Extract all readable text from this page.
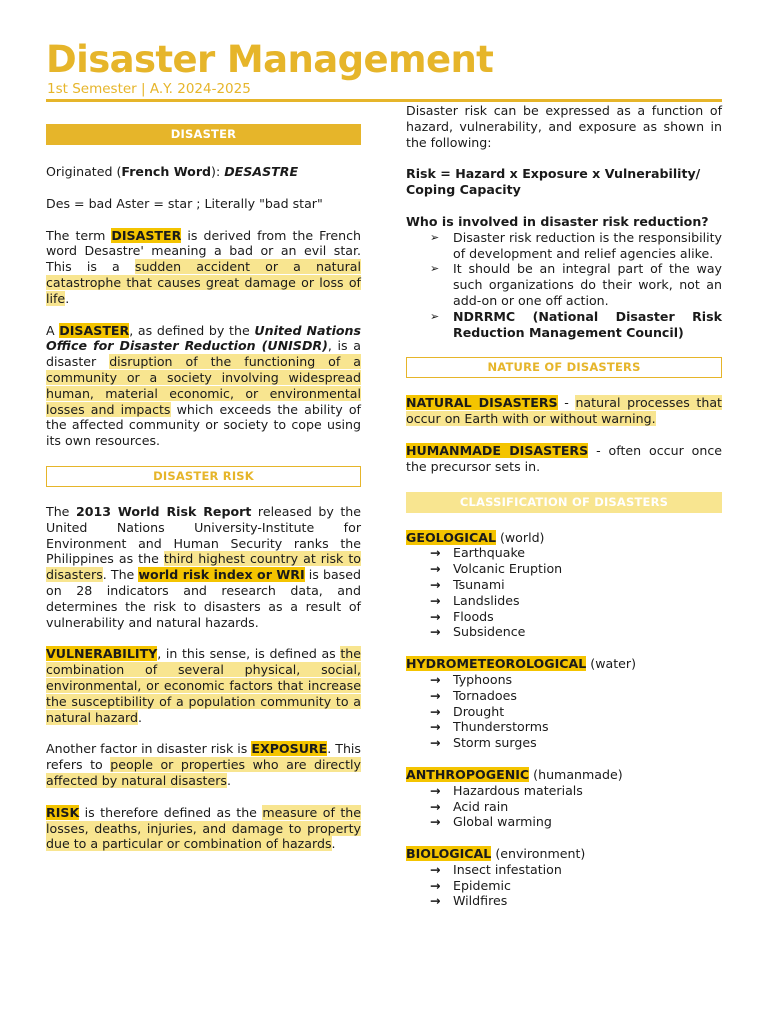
Disaster Management
1st Semester | A.Y. 2024-2025
DISASTER

Originated (French Word): DESASTRE

Des = bad Aster = star ; Literally "bad star"

The term DISASTER is derived from the French word Desastre' meaning a bad or an evil star. This is a sudden accident or a natural catastrophe that causes great damage or loss of life.

A DISASTER, as defined by the United Nations Office for Disaster Reduction (UNISDR), is a disaster disruption of the functioning of a community or a society involving widespread human, material economic, or environmental losses and impacts which exceeds the ability of the affected community or society to cope using its own resources.

DISASTER RISK

The 2013 World Risk Report released by the United Nations University-Institute for Environment and Human Security ranks the Philippines as the third highest country at risk to disasters. The world risk index or WRI is based on 28 indicators and research data, and determines the risk to disasters as a result of vulnerability and natural hazards.

VULNERABILITY, in this sense, is defined as the combination of several physical, social, environmental, or economic factors that increase the susceptibility of a population community to a natural hazard.

Another factor in disaster risk is EXPOSURE. This refers to people or properties who are directly affected by natural disasters.

RISK is therefore defined as the measure of the losses, deaths, injuries, and damage to property due to a particular or combination of hazards.

Disaster risk can be expressed as a function of hazard, vulnerability, and exposure as shown in the following:

Risk = Hazard x Exposure x Vulnerability/ Coping Capacity

Who is involved in disaster risk reduction?

➢ Disaster risk reduction is the responsibility of development and relief agencies alike.
➢ It should be an integral part of the way such organizations do their work, not an add-on or one off action.
➢ NDRRMC (National Disaster Risk Reduction Management Council)
NATURE OF DISASTERS

NATURAL DISASTERS - natural processes that occur on Earth with or without warning.

HUMANMADE DISASTERS - often occur once the precursor sets in.

CLASSIFICATION OF DISASTERS

GEOLOGICAL (world)

→ Earthquake
→ Volcanic Eruption
→ Tsunami
→ Landslides
→ Floods
→ Subsidence

HYDROMETEOROLOGICAL (water)

→ Typhoons
→ Tornadoes
→ Drought
→ Thunderstorms
→ Storm surges

ANTHROPOGENIC (humanmade)

→ Hazardous materials
→ Acid rain
→ Global warming

BIOLOGICAL (environment)

→ Insect infestation
→ Epidemic
→ Wildfires
